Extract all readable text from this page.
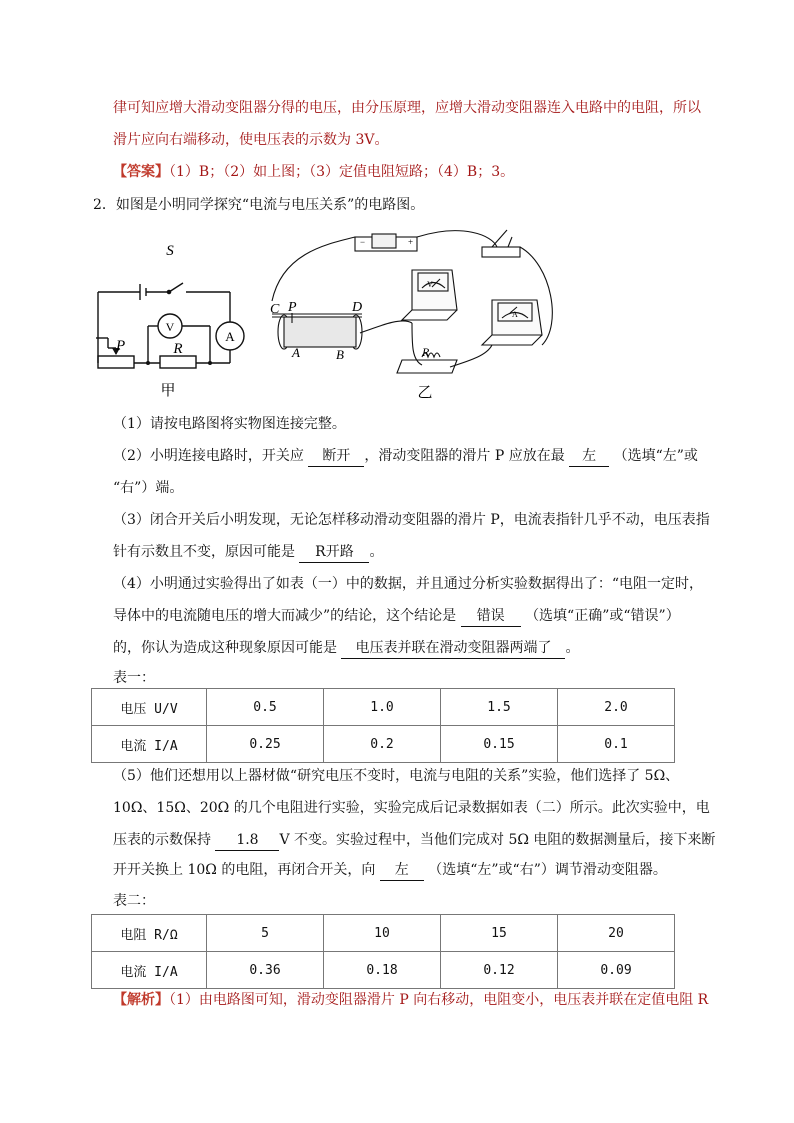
律可知应增大滑动变阻器分得的电压，由分压原理，应增大滑动变阻器连入电路中的电阻，所以
滑片应向右端移动，使电压表的示数为 3V。
【答案】（1）B；（2）如上图；（3）定值电阻短路；（4）B；3。
2．如图是小明同学探究“电流与电压关系”的电路图。
S
V
A
P	R
甲
−	+
C P	D
A	B
V
A
R
乙
（1）请按电路图将实物图连接完整。
（2）小明连接电路时，开关应 断开 ，滑动变阻器的滑片 P 应放在最 左 （选填“左”或
“右”）端。
（3）闭合开关后小明发现，无论怎样移动滑动变阻器的滑片 P，电流表指针几乎不动，电压表指
针有示数且不变，原因可能是 R开路 。
（4）小明通过实验得出了如表（一）中的数据，并且通过分析实验数据得出了：“电阻一定时，
导体中的电流随电压的增大而减少”的结论，这个结论是 错误 （选填“正确”或“错误”）
的，你认为造成这种现象原因可能是 电压表并联在滑动变阻器两端了 。
表一：
电压 U/V	0.5	1.0	1.5	2.0
电流 I/A	0.25	0.2	0.15	0.1
（5）他们还想用以上器材做“研究电压不变时，电流与电阻的关系”实验，他们选择了 5Ω、
10Ω、15Ω、20Ω 的几个电阻进行实验，实验完成后记录数据如表（二）所示。此次实验中，电
压表的示数保持 1.8 V 不变。实验过程中，当他们完成对 5Ω 电阻的数据测量后，接下来断
开开关换上 10Ω 的电阻，再闭合开关，向 左 （选填“左”或“右”）调节滑动变阻器。
表二：
电阻 R/Ω	5	10	15	20
电流 I/A	0.36	0.18	0.12	0.09
【解析】（1）由电路图可知，滑动变阻器滑片 P 向右移动，电阻变小，电压表并联在定值电阻 R
